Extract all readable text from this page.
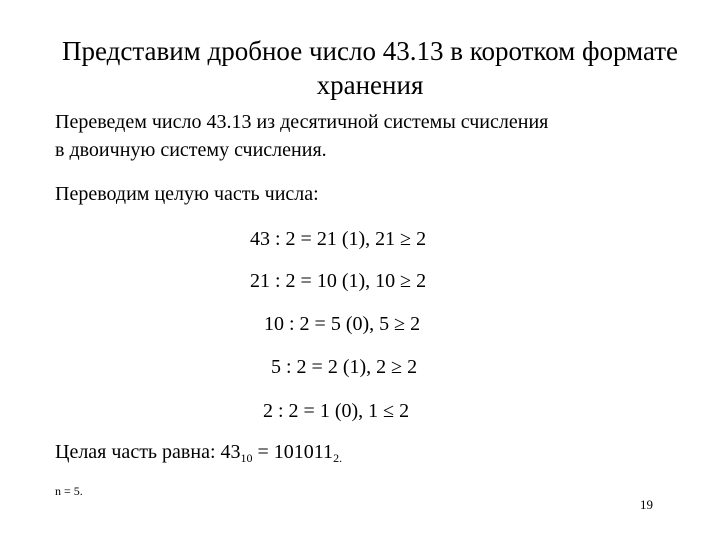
Представим дробное число 43.13 в коротком формате
хранения
Переведем число 43.13 из десятичной системы счисления
в двоичную систему счисления.
Переводим целую часть числа:
43 : 2 = 21 (1), 21 ≥ 2
21 : 2 = 10 (1), 10 ≥ 2
10 : 2 = 5 (0), 5 ≥ 2
5 : 2 = 2 (1), 2 ≥ 2
2 : 2 = 1 (0), 1 ≤ 2
Целая часть равна: $43_{10} = 101011_{2.}$
n = 5.
19
